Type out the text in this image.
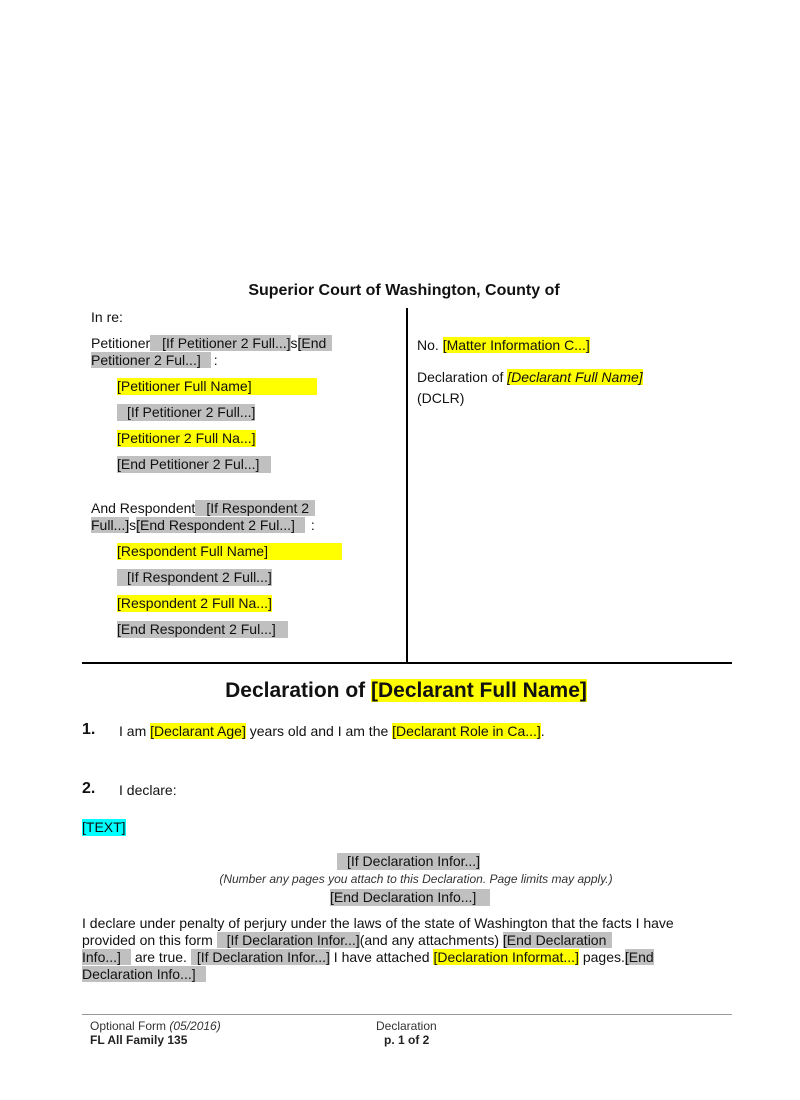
Superior Court of Washington, County of
In re:
Petitioner [If Petitioner 2 Full...]s[End
Petitioner 2 Ful...] :
[Petitioner Full Name]
[If Petitioner 2 Full...]
[Petitioner 2 Full Na...]
[End Petitioner 2 Ful...]
And Respondent [If Respondent 2
Full...]s[End Respondent 2 Ful...] :
[Respondent Full Name]
[If Respondent 2 Full...]
[Respondent 2 Full Na...]
[End Respondent 2 Ful...]
No. [Matter Information C...]
Declaration of [Declarant Full Name]
(DCLR)
Declaration of [Declarant Full Name]
1. I am [Declarant Age] years old and I am the [Declarant Role in Ca...].
2. I declare:
[TEXT]
[If Declaration Infor...]
(Number any pages you attach to this Declaration. Page limits may apply.)
[End Declaration Info...]
I declare under penalty of perjury under the laws of the state of Washington that the facts I have
provided on this form [If Declaration Infor...](and any attachments) [End Declaration
Info...] are true. [If Declaration Infor...] I have attached [Declaration Informat...] pages.[End
Declaration Info...]
Optional Form (05/2016)
FL All Family 135
Declaration
p. 1 of 2
